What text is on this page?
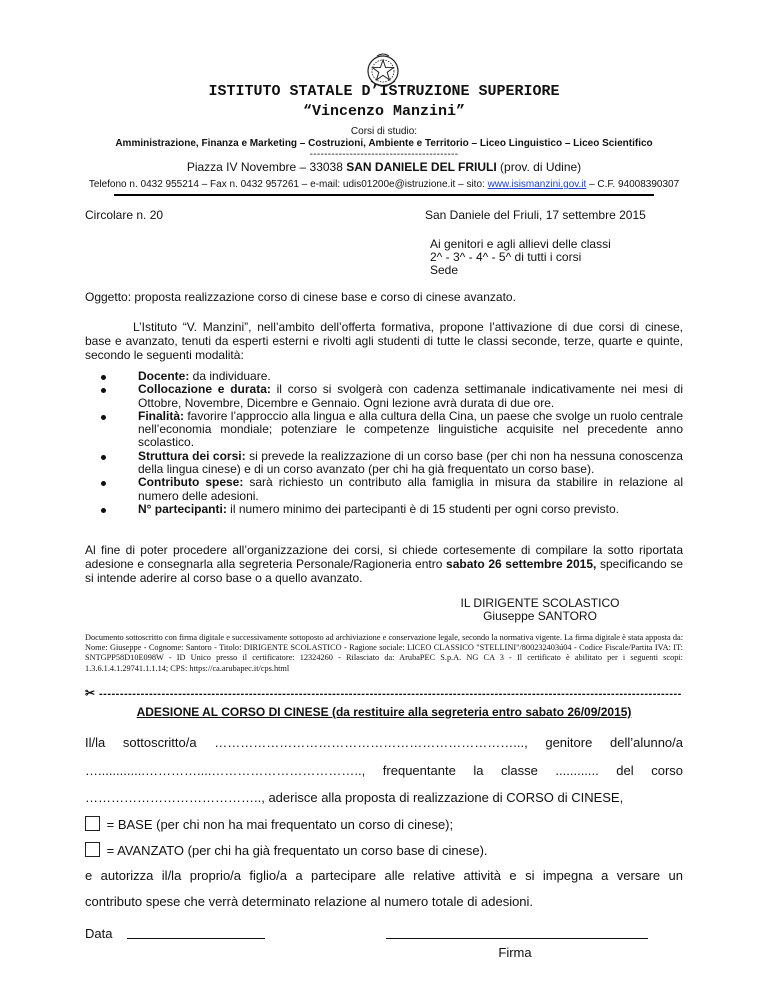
ISTITUTO STATALE D’ISTRUZIONE SUPERIORE
“Vincenzo Manzini”
Corsi di studio:
Amministrazione, Finanza e Marketing – Costruzioni, Ambiente e Territorio – Liceo Linguistico – Liceo Scientifico
-----------------------------------------
Piazza IV Novembre – 33038 SAN DANIELE DEL FRIULI (prov. di Udine)
Telefono n. 0432 955214 – Fax n. 0432 957261 – e-mail: udis01200e@istruzione.it – sito: www.isismanzini.gov.it – C.F. 94008390307
Circolare n. 20	San Daniele del Friuli, 17 settembre 2015
Ai genitori e agli allievi delle classi
2^ - 3^ - 4^ - 5^ di tutti i corsi
Sede
Oggetto: proposta realizzazione corso di cinese base e corso di cinese avanzato.
L’Istituto “V. Manzini”, nell’ambito dell’offerta formativa, propone l’attivazione di due corsi di cinese, base e avanzato, tenuti da esperti esterni e rivolti agli studenti di tutte le classi seconde, terze, quarte e quinte, secondo le seguenti modalità:
Docente: da individuare.
Collocazione e durata: il corso si svolgerà con cadenza settimanale indicativamente nei mesi di Ottobre, Novembre, Dicembre e Gennaio. Ogni lezione avrà durata di due ore.
Finalità: favorire l’approccio alla lingua e alla cultura della Cina, un paese che svolge un ruolo centrale nell’economia mondiale; potenziare le competenze linguistiche acquisite nel precedente anno scolastico.
Struttura dei corsi: si prevede la realizzazione di un corso base (per chi non ha nessuna conoscenza della lingua cinese) e di un corso avanzato (per chi ha già frequentato un corso base).
Contributo spese: sarà richiesto un contributo alla famiglia in misura da stabilire in relazione al numero delle adesioni.
N° partecipanti: il numero minimo dei partecipanti è di 15 studenti per ogni corso previsto.
Al fine di poter procedere all’organizzazione dei corsi, si chiede cortesemente di compilare la sotto riportata adesione e consegnarla alla segreteria Personale/Ragioneria entro sabato 26 settembre 2015, specificando se si intende aderire al corso base o a quello avanzato.
IL DIRIGENTE SCOLASTICO
Giuseppe SANTORO
Documento sottoscritto con firma digitale e successivamente sottoposto ad archiviazione e conservazione legale, secondo la normativa vigente. La firma digitale è stata apposta da: Nome: Giuseppe - Cognome: Santoro - Titolo: DIRIGENTE SCOLASTICO - Ragione sociale: LICEO CLASSICO "STELLINI"/800232403ú04 - Codice Fiscale/Partita IVA: IT: SNTGPP58D10E098W - ID Unico presso il certificatore: 12324260 - Rilasciato da: ArubaPEC S.p.A. NG CA 3 - Il certificato è abilitato per i seguenti scopi: 1.3.6.1.4.1.29741.1.1.14; CPS: https://ca.arubapec.it/cps.html
✂ --------------------------------------------------------------------------------------------------------------------------------------------
ADESIONE AL CORSO DI CINESE (da restituire alla segreteria entro sabato 26/09/2015)
Il/la sottoscritto/a ……………………………………………………………..., genitore dell’alunno/a
….............…………....…………………………….., frequentante la classe ............ del corso
………………………………….., aderisce alla proposta di realizzazione di CORSO di CINESE,
= BASE (per chi non ha mai frequentato un corso di cinese);
= AVANZATO (per chi ha già frequentato un corso base di cinese).
e autorizza il/la proprio/a figlio/a a partecipare alle relative attività e si impegna a versare un
contributo spese che verrà determinato relazione al numero totale di adesioni.
Data
Firma
